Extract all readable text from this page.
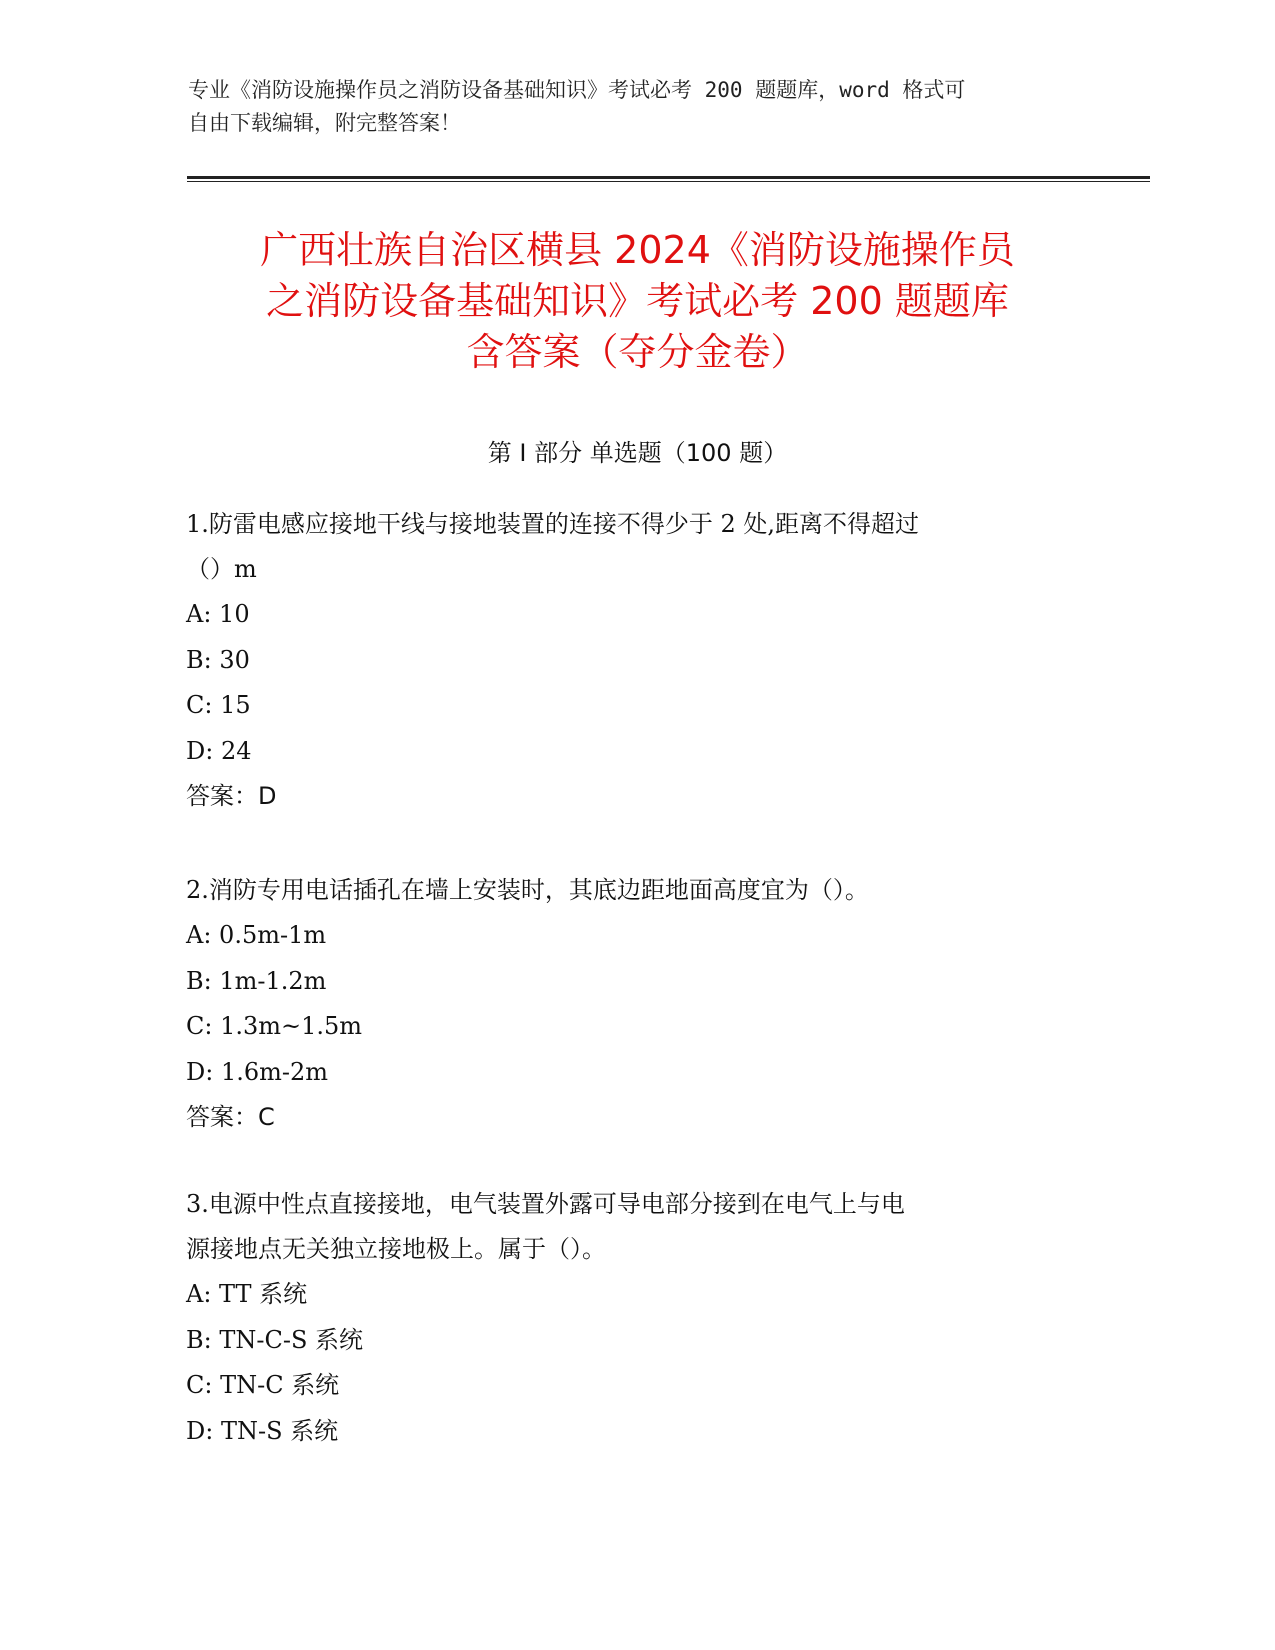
专业《消防设施操作员之消防设备基础知识》考试必考 200 题题库，word 格式可
自由下载编辑，附完整答案！
广西壮族自治区横县 2024《消防设施操作员
之消防设备基础知识》考试必考 200 题题库
含答案（夺分金卷）
第 I 部分 单选题（100 题）
1.防雷电感应接地干线与接地装置的连接不得少于 2 处,距离不得超过
（）m
A: 10
B: 30
C: 15
D: 24
答案：D
2.消防专用电话插孔在墙上安装时，其底边距地面高度宜为（）。
A: 0.5m-1m
B: 1m-1.2m
C: 1.3m~1.5m
D: 1.6m-2m
答案：C
3.电源中性点直接接地，电气装置外露可导电部分接到在电气上与电
源接地点无关独立接地极上。属于（）。
A: TT 系统
B: TN-C-S 系统
C: TN-C 系统
D: TN-S 系统
